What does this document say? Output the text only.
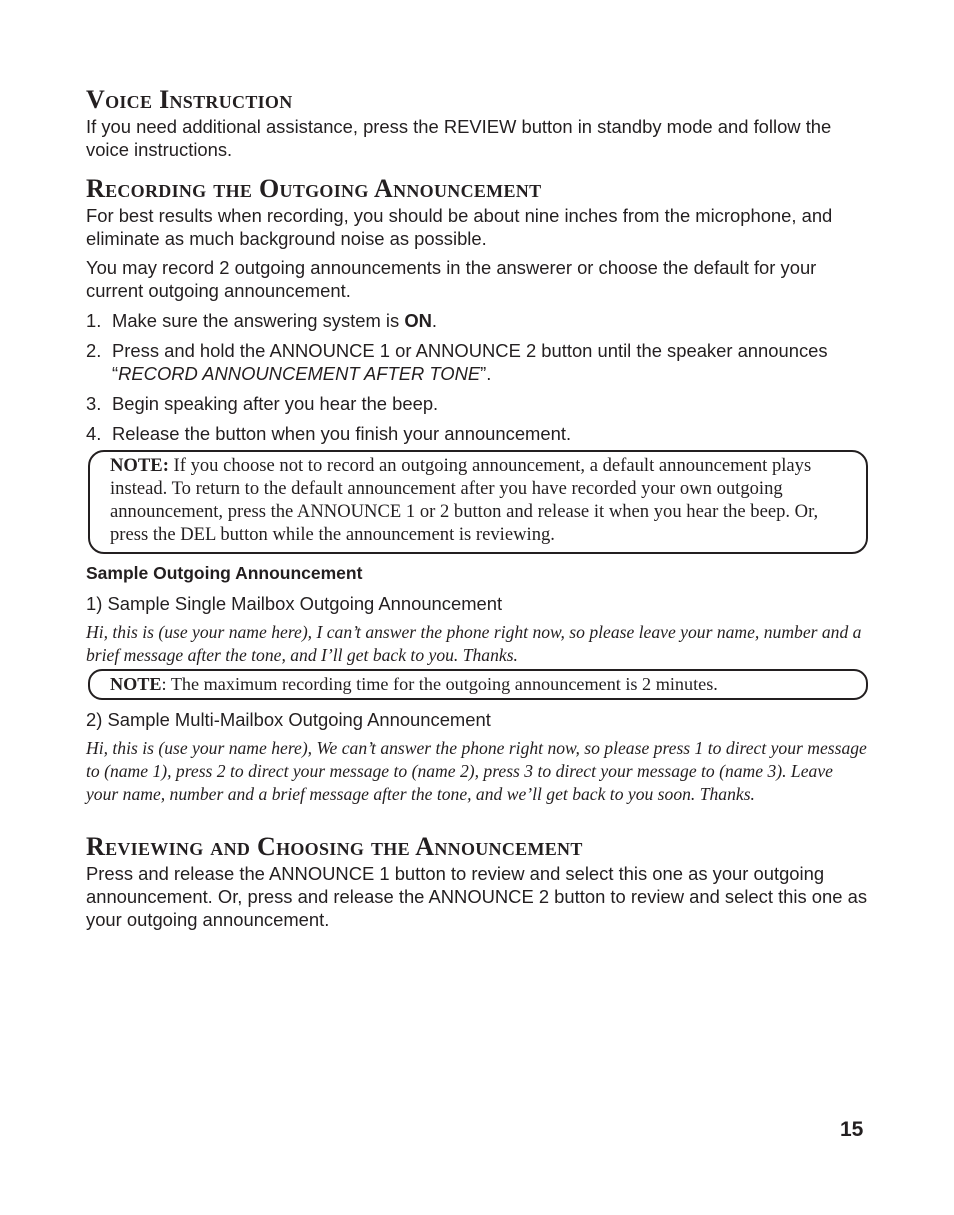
Voice Instruction

If you need additional assistance, press the REVIEW button in standby mode and follow the voice instructions.

Recording the Outgoing Announcement

For best results when recording, you should be about nine inches from the microphone, and eliminate as much background noise as possible.

You may record 2 outgoing announcements in the answerer or choose the default for your current outgoing announcement.

1. Make sure the answering system is ON.
2. Press and hold the ANNOUNCE 1 or ANNOUNCE 2 button until the speaker announces “RECORD ANNOUNCEMENT AFTER TONE”.
3. Begin speaking after you hear the beep.
4. Release the button when you finish your announcement.
NOTE: If you choose not to record an outgoing announcement, a default announcement plays instead. To return to the default announcement after you have recorded your own outgoing announcement, press the ANNOUNCE 1 or 2 button and release it when you hear the beep. Or, press the DEL button while the announcement is reviewing.

Sample Outgoing Announcement

1) Sample Single Mailbox Outgoing Announcement

Hi, this is (use your name here), I can’t answer the phone right now, so please leave your name, number and a brief message after the tone, and I’ll get back to you. Thanks.

NOTE: The maximum recording time for the outgoing announcement is 2 minutes.

2) Sample Multi-Mailbox Outgoing Announcement

Hi, this is (use your name here), We can’t answer the phone right now, so please press 1 to direct your message to (name 1), press 2 to direct your message to (name 2), press 3 to direct your message to (name 3). Leave your name, number and a brief message after the tone, and we’ll get back to you soon. Thanks.

Reviewing and Choosing the Announcement

Press and release the ANNOUNCE 1 button to review and select this one as your outgoing announcement. Or, press and release the ANNOUNCE 2 button to review and select this one as your outgoing announcement.

15
